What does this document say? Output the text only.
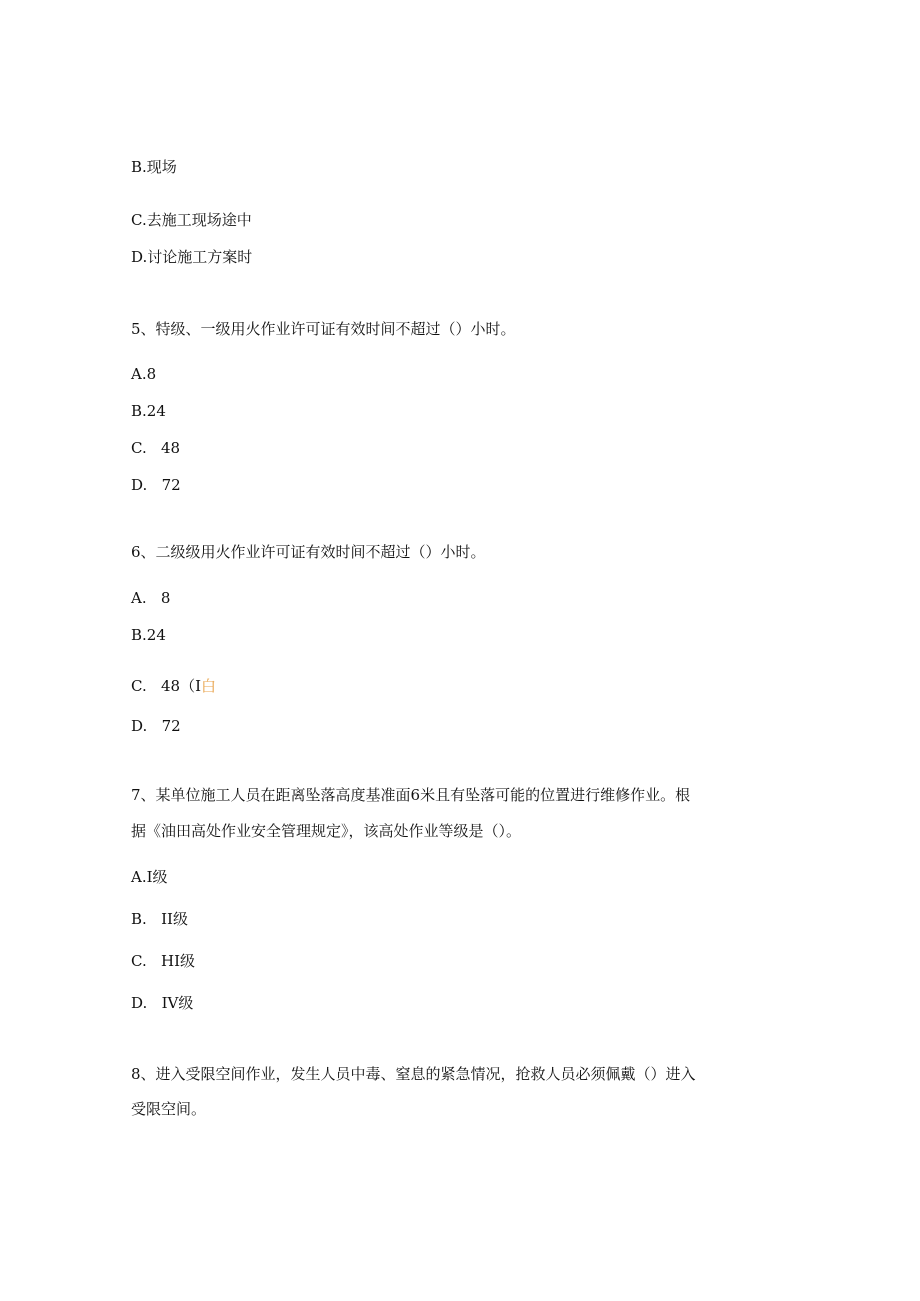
B.现场
C.去施工现场途中
D.讨论施工方案时
5、特级、一级用火作业许可证有效时间不超过（）小时。
A.8
B.24
C.   48
D.   72
6、二级级用火作业许可证有效时间不超过（）小时。
A.   8
B.24
C.   48（I白
D.   72
7、某单位施工人员在距离坠落高度基准面6米且有坠落可能的位置进行维修作业。根
据《油田高处作业安全管理规定》，该高处作业等级是（）。
A.I级
B.   II级
C.   HI级
D.   IV级
8、进入受限空间作业，发生人员中毒、窒息的紧急情况，抢救人员必须佩戴（）进入
受限空间。
